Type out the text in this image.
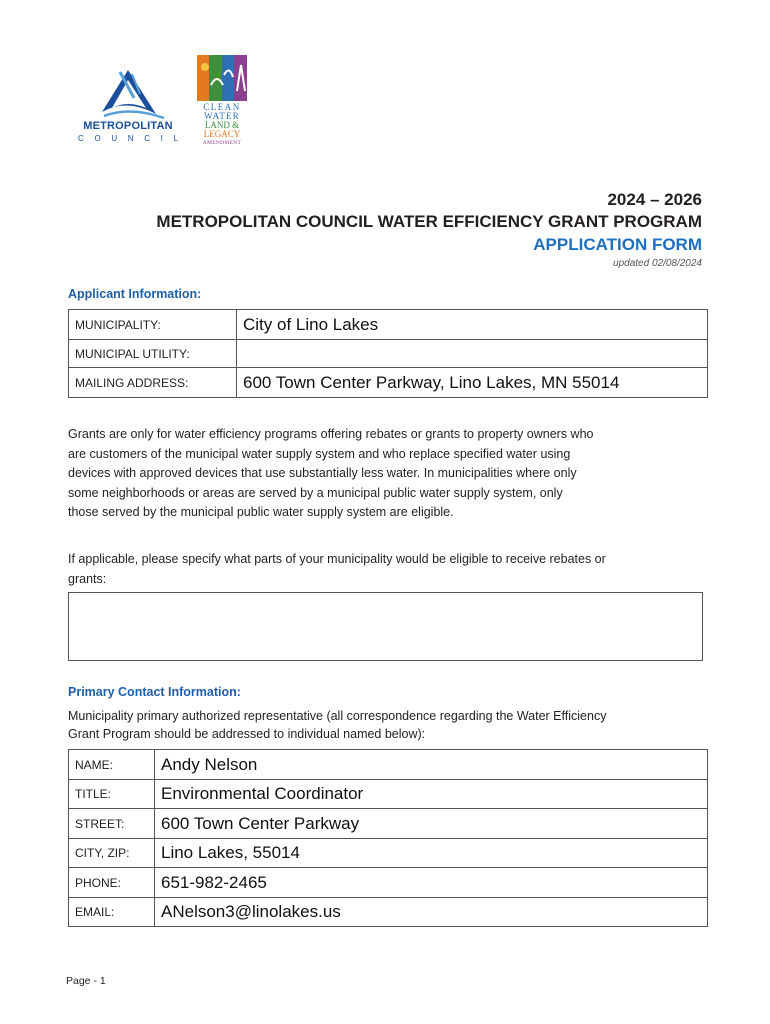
METROPOLITAN
C O U N C I L
CLEAN
WATER
LAND &
LEGACY
AMENDMENT
2024 – 2026
METROPOLITAN COUNCIL WATER EFFICIENCY GRANT PROGRAM
APPLICATION FORM
updated 02/08/2024
Applicant Information:
MUNICIPALITY:	City of Lino Lakes
MUNICIPAL UTILITY:	
MAILING ADDRESS:	600 Town Center Parkway, Lino Lakes, MN 55014
Grants are only for water efficiency programs offering rebates or grants to property owners who
are customers of the municipal water supply system and who replace specified water using
devices with approved devices that use substantially less water. In municipalities where only
some neighborhoods or areas are served by a municipal public water supply system, only
those served by the municipal public water supply system are eligible.
If applicable, please specify what parts of your municipality would be eligible to receive rebates or
grants:
Primary Contact Information:
Municipality primary authorized representative (all correspondence regarding the Water Efficiency
Grant Program should be addressed to individual named below):
NAME:	Andy Nelson
TITLE:	Environmental Coordinator
STREET:	600 Town Center Parkway
CITY, ZIP:	Lino Lakes, 55014
PHONE:	651-982-2465
EMAIL:	ANelson3@linolakes.us
Page - 1
